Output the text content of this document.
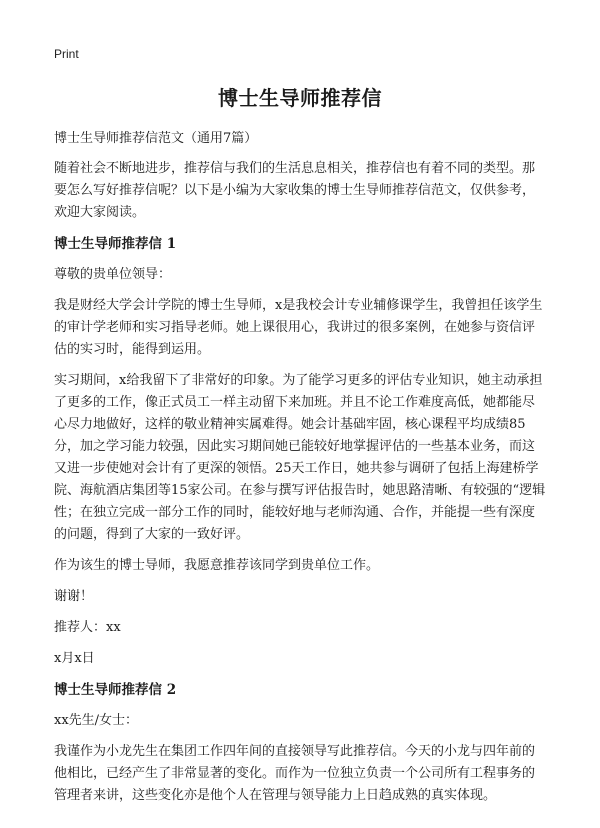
Print
博士生导师推荐信

博士生导师推荐信范文（通用7篇）

随着社会不断地进步，推荐信与我们的生活息息相关，推荐信也有着不同的类型。那要怎么写好推荐信呢？以下是小编为大家收集的博士生导师推荐信范文，仅供参考，欢迎大家阅读。

博士生导师推荐信 1

尊敬的贵单位领导：

我是财经大学会计学院的博士生导师，x是我校会计专业辅修课学生，我曾担任该学生的审计学老师和实习指导老师。她上课很用心，我讲过的很多案例，在她参与资信评估的实习时，能得到运用。

实习期间，x给我留下了非常好的印象。为了能学习更多的评估专业知识，她主动承担了更多的工作，像正式员工一样主动留下来加班。并且不论工作难度高低，她都能尽心尽力地做好，这样的敬业精神实属难得。她会计基础牢固，核心课程平均成绩85分，加之学习能力较强，因此实习期间她已能较好地掌握评估的一些基本业务，而这又进一步使她对会计有了更深的领悟。25天工作日，她共参与调研了包括上海建桥学院、海航酒店集团等15家公司。在参与撰写评估报告时，她思路清晰、有较强的“逻辑性；在独立完成一部分工作的同时，能较好地与老师沟通、合作，并能提一些有深度的问题，得到了大家的一致好评。

作为该生的博士导师，我愿意推荐该同学到贵单位工作。

谢谢！

推荐人：xx

x月x日

博士生导师推荐信 2

xx先生/女士：

我谨作为小龙先生在集团工作四年间的直接领导写此推荐信。今天的小龙与四年前的他相比，已经产生了非常显著的变化。而作为一位独立负责一个公司所有工程事务的管理者来讲，这些变化亦是他个人在管理与领导能力上日趋成熟的真实体现。
